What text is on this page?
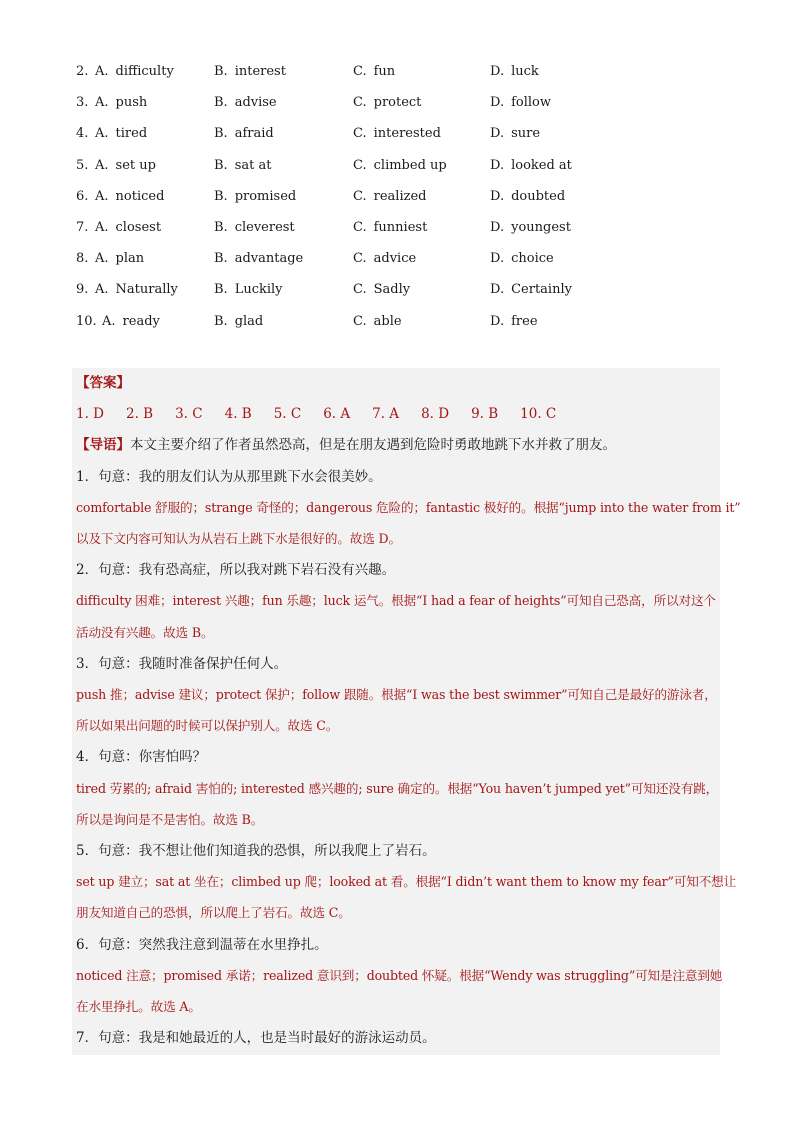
2. A. difficulty	B. interest	C. fun	D. luck
3. A. push	B. advise	C. protect	D. follow
4. A. tired	B. afraid	C. interested	D. sure
5. A. set up	B. sat at	C. climbed up	D. looked at
6. A. noticed	B. promised	C. realized	D. doubted
7. A. closest	B. cleverest	C. funniest	D. youngest
8. A. plan	B. advantage	C. advice	D. choice
9. A. Naturally	B. Luckily	C. Sadly	D. Certainly
10. A. ready	B. glad	C. able	D. free
【答案】
1. D 2. B 3. C 4. B 5. C 6. A 7. A 8. D 9. B 10. C
【导语】本文主要介绍了作者虽然恐高，但是在朋友遇到危险时勇敢地跳下水并救了朋友。
1．句意：我的朋友们认为从那里跳下水会很美妙。
comfortable 舒服的；strange 奇怪的；dangerous 危险的；fantastic 极好的。根据“jump into the water from it”
以及下文内容可知认为从岩石上跳下水是很好的。故选 D。
2．句意：我有恐高症，所以我对跳下岩石没有兴趣。
difficulty 困难；interest 兴趣；fun 乐趣；luck 运气。根据“I had a fear of heights”可知自己恐高，所以对这个
活动没有兴趣。故选 B。
3．句意：我随时准备保护任何人。
push 推；advise 建议；protect 保护；follow 跟随。根据“I was the best swimmer”可知自己是最好的游泳者，
所以如果出问题的时候可以保护别人。故选 C。
4．句意：你害怕吗？
tired 劳累的; afraid 害怕的; interested 感兴趣的; sure 确定的。根据“You haven’t jumped yet”可知还没有跳，
所以是询问是不是害怕。故选 B。
5．句意：我不想让他们知道我的恐惧，所以我爬上了岩石。
set up 建立；sat at 坐在；climbed up 爬；looked at 看。根据“I didn’t want them to know my fear”可知不想让
朋友知道自己的恐惧，所以爬上了岩石。故选 C。
6．句意：突然我注意到温蒂在水里挣扎。
noticed 注意；promised 承诺；realized 意识到；doubted 怀疑。根据“Wendy was struggling”可知是注意到她
在水里挣扎。故选 A。
7．句意：我是和她最近的人，也是当时最好的游泳运动员。
